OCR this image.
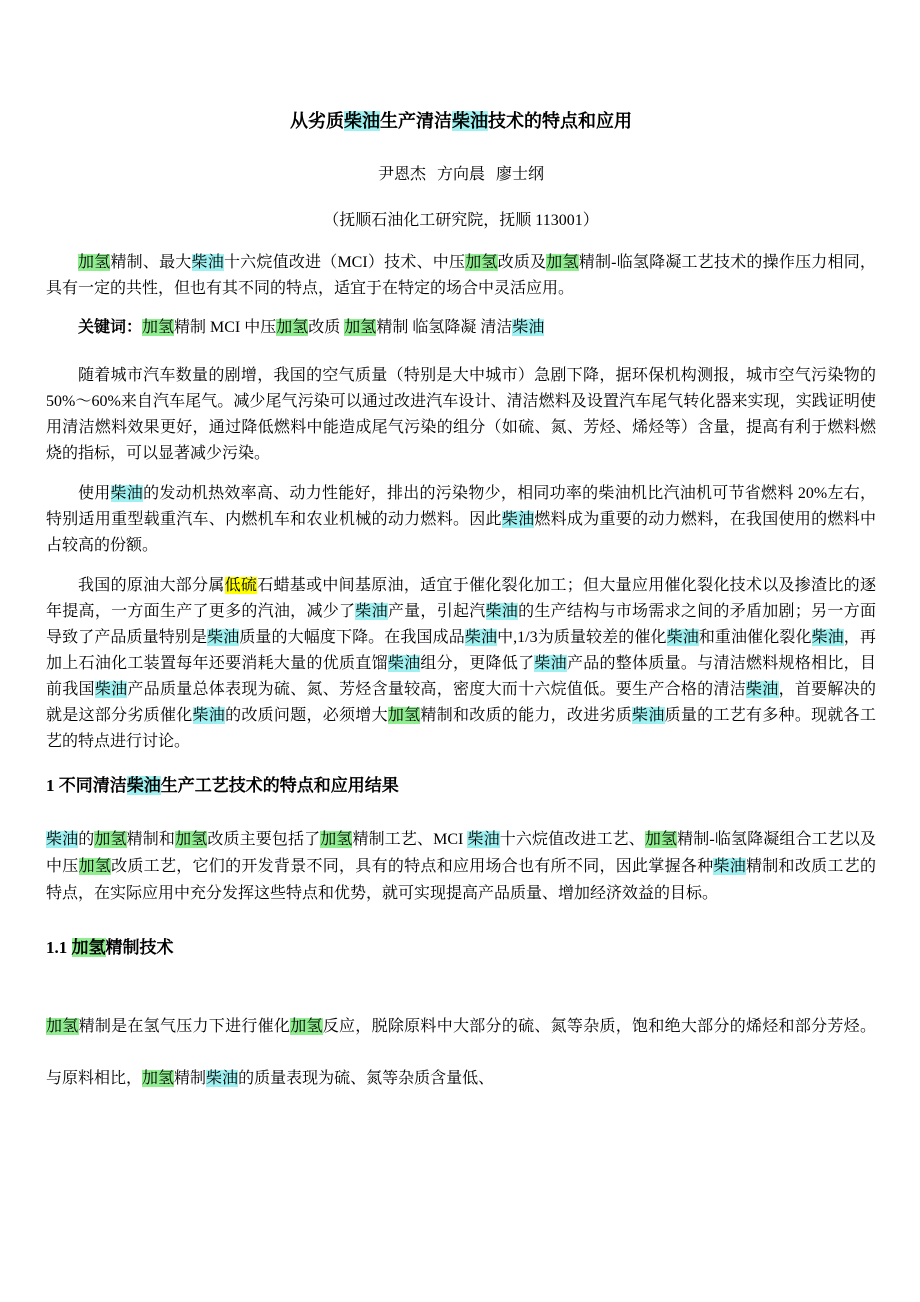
从劣质柴油生产清洁柴油技术的特点和应用
尹恩杰 方向晨 廖士纲
（抚顺石油化工研究院，抚顺 113001）
加氢精制、最大柴油十六烷值改进（MCI）技术、中压加氢改质及加氢精制-临氢降凝工艺技术的操作压力相同，具有一定的共性，但也有其不同的特点，适宜于在特定的场合中灵活应用。
关键词：加氢精制 MCI 中压加氢改质 加氢精制 临氢降凝 清洁柴油
随着城市汽车数量的剧增，我国的空气质量（特别是大中城市）急剧下降，据环保机构测报，城市空气污染物的 50%～60%来自汽车尾气。减少尾气污染可以通过改进汽车设计、清洁燃料及设置汽车尾气转化器来实现，实践证明使用清洁燃料效果更好，通过降低燃料中能造成尾气污染的组分（如硫、氮、芳烃、烯烃等）含量，提高有利于燃料燃烧的指标，可以显著减少污染。
使用柴油的发动机热效率高、动力性能好，排出的污染物少，相同功率的柴油机比汽油机可节省燃料 20%左右，特别适用重型载重汽车、内燃机车和农业机械的动力燃料。因此柴油燃料成为重要的动力燃料，在我国使用的燃料中占较高的份额。
我国的原油大部分属低硫石蜡基或中间基原油，适宜于催化裂化加工；但大量应用催化裂化技术以及掺渣比的逐年提高，一方面生产了更多的汽油，减少了柴油产量，引起汽柴油的生产结构与市场需求之间的矛盾加剧；另一方面导致了产品质量特别是柴油质量的大幅度下降。在我国成品柴油中,1/3为质量较差的催化柴油和重油催化裂化柴油，再加上石油化工装置每年还要消耗大量的优质直馏柴油组分，更降低了柴油产品的整体质量。与清洁燃料规格相比，目前我国柴油产品质量总体表现为硫、氮、芳烃含量较高，密度大而十六烷值低。要生产合格的清洁柴油，首要解决的就是这部分劣质催化柴油的改质问题，必须增大加氢精制和改质的能力，改进劣质柴油质量的工艺有多种。现就各工艺的特点进行讨论。
1 不同清洁柴油生产工艺技术的特点和应用结果
柴油的加氢精制和加氢改质主要包括了加氢精制工艺、MCI 柴油十六烷值改进工艺、加氢精制-临氢降凝组合工艺以及中压加氢改质工艺，它们的开发背景不同，具有的特点和应用场合也有所不同，因此掌握各种柴油精制和改质工艺的特点，在实际应用中充分发挥这些特点和优势，就可实现提高产品质量、增加经济效益的目标。
1.1 加氢精制技术
加氢精制是在氢气压力下进行催化加氢反应，脱除原料中大部分的硫、氮等杂质，饱和绝大部分的烯烃和部分芳烃。与原料相比，加氢精制柴油的质量表现为硫、氮等杂质含量低、
